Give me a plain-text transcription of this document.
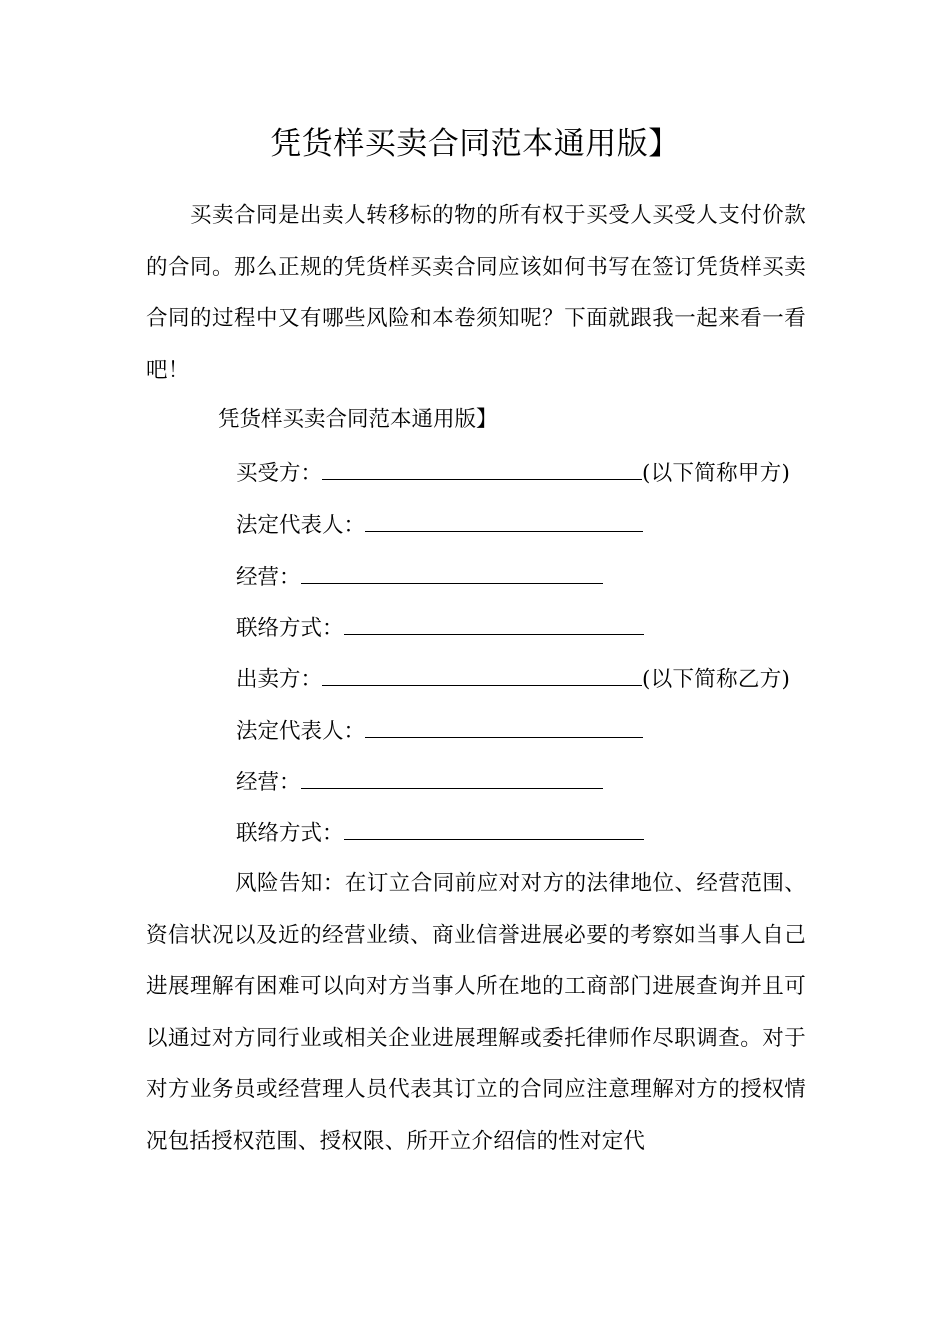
凭货样买卖合同范本通用版】

买卖合同是出卖人转移标的物的所有权于买受人买受人支付价款的合同。那么正规的凭货样买卖合同应该如何书写在签订凭货样买卖合同的过程中又有哪些风险和本卷须知呢？下面就跟我一起来看一看吧！

凭货样买卖合同范本通用版】
买受方：	(以下简称甲方)
法定代表人：
经营：
联络方式：
出卖方：	(以下简称乙方)
法定代表人：
经营：
联络方式：

风险告知：在订立合同前应对对方的法律地位、经营范围、资信状况以及近的经营业绩、商业信誉进展必要的考察如当事人自己进展理解有困难可以向对方当事人所在地的工商部门进展查询并且可以通过对方同行业或相关企业进展理解或委托律师作尽职调查。对于对方业务员或经营理人员代表其订立的合同应注意理解对方的授权情况包括授权范围、授权限、所开立介绍信的性对定代
